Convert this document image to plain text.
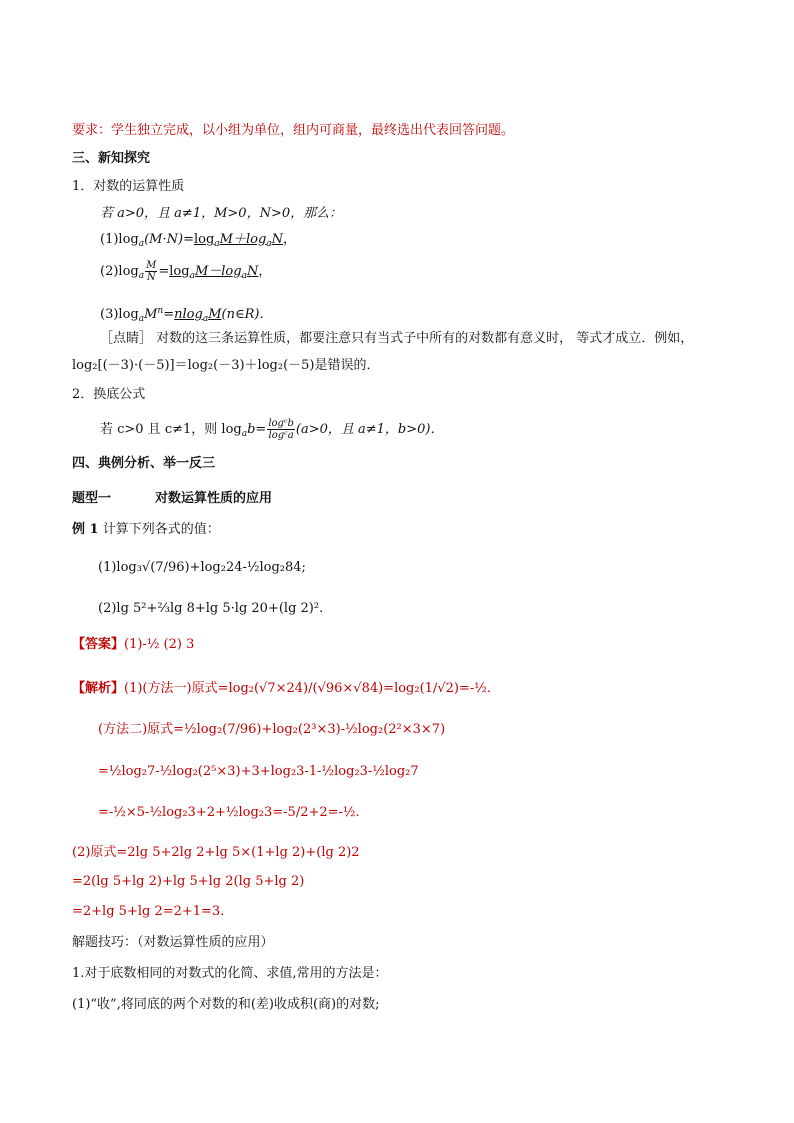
要求：学生独立完成，以小组为单位，组内可商量，最终选出代表回答问题。
三、新知探究
1．对数的运算性质
若 a>0，且 a≠1，M>0，N>0，那么：
$(1)\log_a(M\cdot N)=\log_aM+\log_aN$，
$(2)\log_a \frac{M}{N} =\log_aM-\log_aN$，
$(3)\log_aM^n=nlog_aM(n\in R)$．
［点睛］ 对数的这三条运算性质，都要注意只有当式子中所有的对数都有意义时， 等式才成立．例如，
log₂[(－3)·(－5)]＝log₂(－3)＋log₂(－5)是错误的．
2．换底公式
若 c>0 且 c≠1，则 $\log_ab= \frac{\text{logᶜb}}{\text{logᶜa}} (a>0$，且 a≠1，b>0)．
四、典例分析、举一反三
题型一	对数运算性质的应用
例 1 计算下列各式的值：
(1)log₃√(7/96)+log₂24-½log₂84;
(2)lg 5²+⅔lg 8+lg 5·lg 20+(lg 2)².
【答案】(1)-½ (2) 3
【解析】(1)(方法一)原式=log₂(√7×24)/(√96×√84)=log₂(1/√2)=-½.
(方法二)原式=½log₂(7/96)+log₂(2³×3)-½log₂(2²×3×7)
=½log₂7-½log₂(2⁵×3)+3+log₂3-1-½log₂3-½log₂7
=-½×5-½log₂3+2+½log₂3=-5/2+2=-½.
(2)原式=2lg 5+2lg 2+lg 5×(1+lg 2)+(lg 2)2
=2(lg 5+lg 2)+lg 5+lg 2(lg 5+lg 2)
=2+lg 5+lg 2=2+1=3.
解题技巧：（对数运算性质的应用）
1.对于底数相同的对数式的化简、求值,常用的方法是：
(1)“收”,将同底的两个对数的和(差)收成积(商)的对数;
